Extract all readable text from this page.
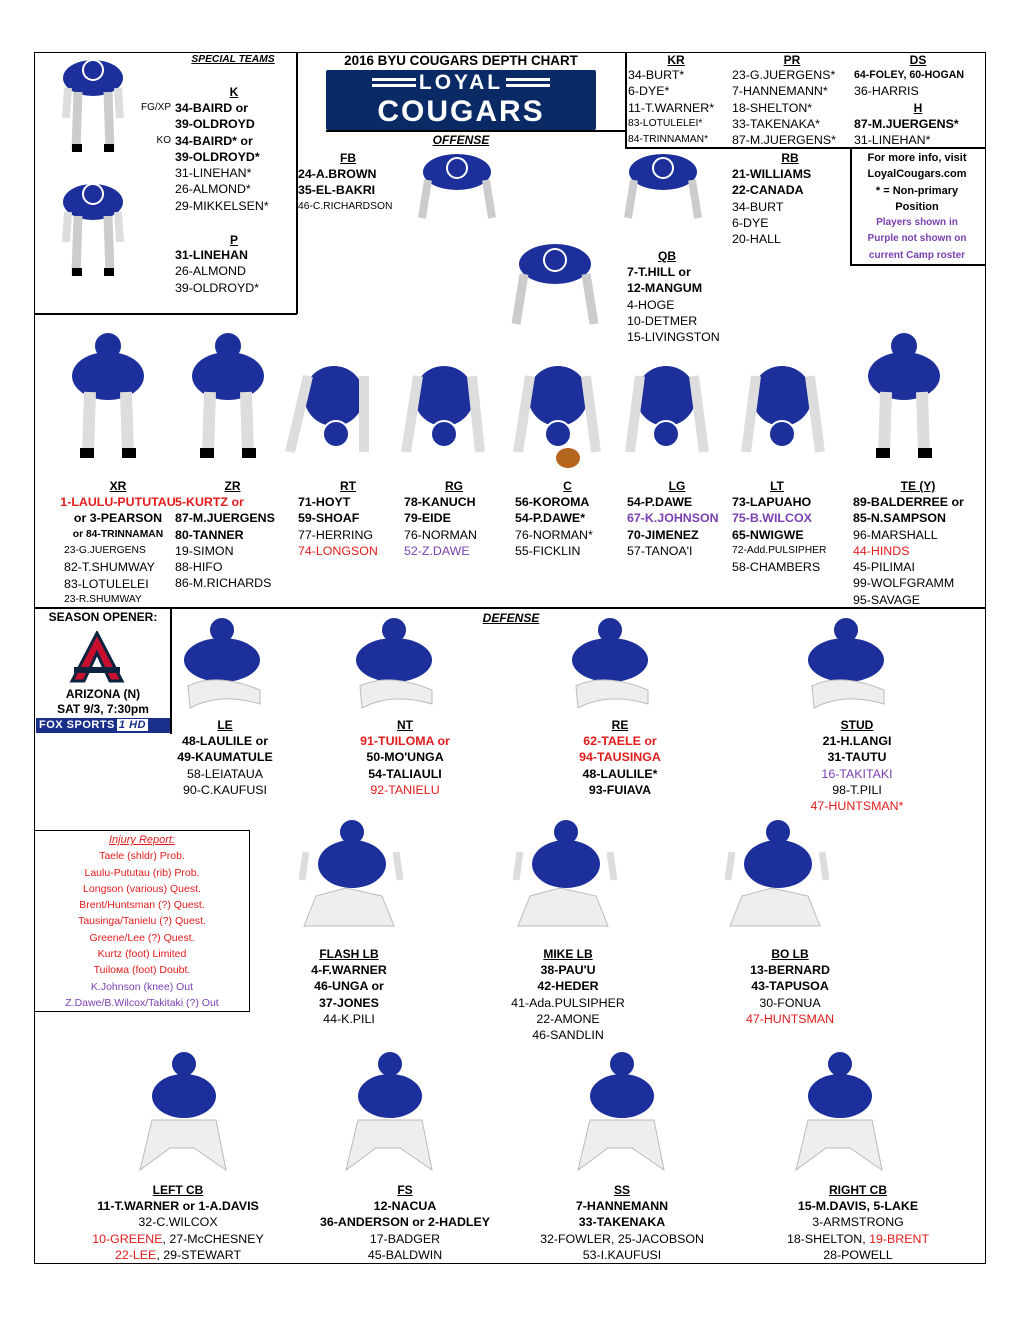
2016 BYU COUGARS DEPTH CHART
LOYAL
COUGARS
OFFENSE
SPECIAL TEAMS
K
FG/XP
KO
34-BAIRD or
39-OLDROYD
34-BAIRD* or
39-OLDROYD*
31-LINEHAN*
26-ALMOND*
29-MIKKELSEN*
P
31-LINEHAN
26-ALMOND
39-OLDROYD*
KR
34-BURT*
6-DYE*
11-T.WARNER*
83-LOTULELEI*
84-TRINNAMAN*
PR
23-G.JUERGENS*
7-HANNEMANN*
18-SHELTON*
33-TAKENAKA*
87-M.JUERGENS*
DS
64-FOLEY, 60-HOGAN
36-HARRIS
H
87-M.JUERGENS*
31-LINEHAN*
For more info, visit
LoyalCougars.com
* = Non-primary
Position
Players shown in
Purple not shown on
current Camp roster
FB
24-A.BROWN
35-EL-BAKRI
46-C.RICHARDSON
RB
21-WILLIAMS
22-CANADA
34-BURT
6-DYE
20-HALL
QB
7-T.HILL or
12-MANGUM
4-HOGE
10-DETMER
15-LIVINGSTON
XR
1-LAULU-PUTUTAU
or 3-PEARSON
or 84-TRINNAMAN
23-G.JUERGENS
82-T.SHUMWAY
83-LOTULELEI
23-R.SHUMWAY
ZR
5-KURTZ or
87-M.JUERGENS
80-TANNER
19-SIMON
88-HIFO
86-M.RICHARDS
RT
71-HOYT
59-SHOAF
77-HERRING
74-LONGSON
RG
78-KANUCH
79-EIDE
76-NORMAN
52-Z.DAWE
C
56-KOROMA
54-P.DAWE*
76-NORMAN*
55-FICKLIN
LG
54-P.DAWE
67-K.JOHNSON
70-JIMENEZ
57-TANOA'I
LT
73-LAPUAHO
75-B.WILCOX
65-NWIGWE
72-Add.PULSIPHER
58-CHAMBERS
TE (Y)
89-BALDERREE or
85-N.SAMPSON
96-MARSHALL
44-HINDS
45-PILIMAI
99-WOLFGRAMM
95-SAVAGE
SEASON OPENER:
ARIZONA (N)
SAT 9/3, 7:30pm
FOX SPORTS 1 HD
DEFENSE
LE
48-LAULILE or
49-KAUMATULE
58-LEIATAUA
90-C.KAUFUSI
NT
91-TUILOMA or
50-MO'UNGA
54-TALIAULI
92-TANIELU
RE
62-TAELE or
94-TAUSINGA
48-LAULILE*
93-FUIAVA
STUD
21-H.LANGI
31-TAUTU
16-TAKITAKI
98-T.PILI
47-HUNTSMAN*
Injury Report:
Taele (shldr) Prob.
Laulu-Pututau (rib) Prob.
Longson (various) Quest.
Brent/Huntsman (?) Quest.
Tausinga/Tanielu (?) Quest.
Greene/Lee (?) Quest.
Kurtz (foot) Limited
Tuilома (foot) Doubt.
K.Johnson (knee) Out
Z.Dawe/B.Wilcox/Takitaki (?) Out
FLASH LB
4-F.WARNER
46-UNGA or
37-JONES
44-K.PILI
MIKE LB
38-PAU'U
42-HEDER
41-Ada.PULSIPHER
22-AMONE
46-SANDLIN
BO LB
13-BERNARD
43-TAPUSOA
30-FONUA
47-HUNTSMAN
LEFT CB
11-T.WARNER or 1-A.DAVIS
32-C.WILCOX
10-GREENE, 27-McCHESNEY
22-LEE, 29-STEWART
FS
12-NACUA
36-ANDERSON or 2-HADLEY
17-BADGER
45-BALDWIN
SS
7-HANNEMANN
33-TAKENAKA
32-FOWLER, 25-JACOBSON
53-I.KAUFUSI
RIGHT CB
15-M.DAVIS, 5-LAKE
3-ARMSTRONG
18-SHELTON, 19-BRENT
28-POWELL
